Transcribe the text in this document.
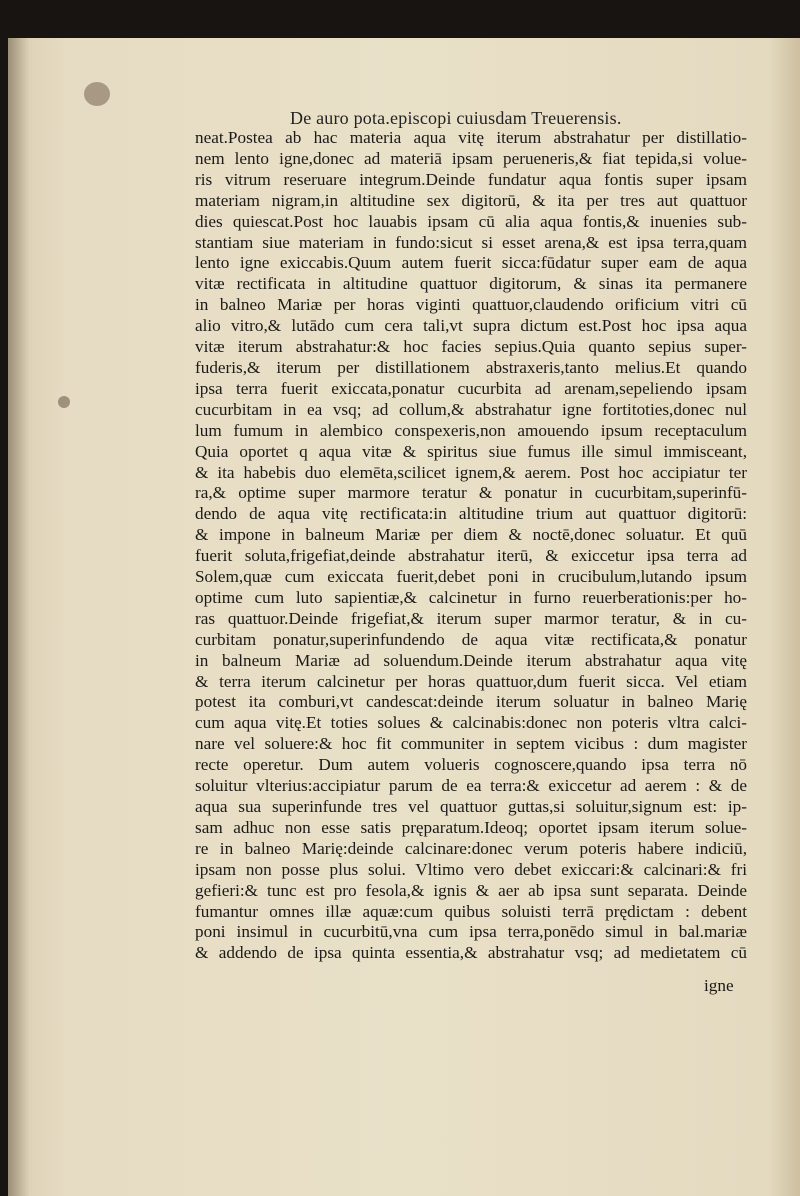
De auro pota.episcopi cuiusdam Treuerensis.
neat.Postea ab hac materia aqua vitę iterum abstrahatur per distillatio-
nem lento igne,donec ad materiā ipsam perueneris,& fiat tepida,si volue-
ris vitrum reseruare integrum.Deinde fundatur aqua fontis super ipsam
materiam nigram,in altitudine sex digitorū, & ita per tres aut quattuor
dies quiescat.Post hoc lauabis ipsam cū alia aqua fontis,& inuenies sub-
stantiam siue materiam in fundo:sicut si esset arena,& est ipsa terra,quam
lento igne exiccabis.Quum autem fuerit sicca:fūdatur super eam de aqua
vitæ rectificata in altitudine quattuor digitorum, & sinas ita permanere
in balneo Mariæ per horas viginti quattuor,claudendo orificium vitri cū
alio vitro,& lutādo cum cera tali,vt supra dictum est.Post hoc ipsa aqua
vitæ iterum abstrahatur:& hoc facies sepius.Quia quanto sepius super-
fuderis,& iterum per distillationem abstraxeris,tanto melius.Et quando
ipsa terra fuerit exiccata,ponatur cucurbita ad arenam,sepeliendo ipsam
cucurbitam in ea vsq; ad collum,& abstrahatur igne fortitoties,donec nul
lum fumum in alembico conspexeris,non amouendo ipsum receptaculum
Quia oportet q aqua vitæ & spiritus siue fumus ille simul immisceant,
& ita habebis duo elemēta,scilicet ignem,& aerem. Post hoc accipiatur ter
ra,& optime super marmore teratur & ponatur in cucurbitam,superinfū-
dendo de aqua vitę rectificata:in altitudine trium aut quattuor digitorū:
& impone in balneum Mariæ per diem & noctē,donec soluatur. Et quū
fuerit soluta,frigefiat,deinde abstrahatur iterū, & exiccetur ipsa terra ad
Solem,quæ cum exiccata fuerit,debet poni in crucibulum,lutando ipsum
optime cum luto sapientiæ,& calcinetur in furno reuerberationis:per ho-
ras quattuor.Deinde frigefiat,& iterum super marmor teratur, & in cu-
curbitam ponatur,superinfundendo de aqua vitæ rectificata,& ponatur
in balneum Mariæ ad soluendum.Deinde iterum abstrahatur aqua vitę
& terra iterum calcinetur per horas quattuor,dum fuerit sicca. Vel etiam
potest ita comburi,vt candescat:deinde iterum soluatur in balneo Marię
cum aqua vitę.Et toties solues & calcinabis:donec non poteris vltra calci-
nare vel soluere:& hoc fit communiter in septem vicibus : dum magister
recte operetur. Dum autem volueris cognoscere,quando ipsa terra nō
soluitur vlterius:accipiatur parum de ea terra:& exiccetur ad aerem : & de
aqua sua superinfunde tres vel quattuor guttas,si soluitur,signum est: ip-
sam adhuc non esse satis pręparatum.Ideoq; oportet ipsam iterum solue-
re in balneo Marię:deinde calcinare:donec verum poteris habere indiciū,
ipsam non posse plus solui. Vltimo vero debet exiccari:& calcinari:& fri
gefieri:& tunc est pro fesola,& ignis & aer ab ipsa sunt separata. Deinde
fumantur omnes illæ aquæ:cum quibus soluisti terrā prędictam : debent
poni insimul in cucurbitū,vna cum ipsa terra,ponēdo simul in bal.mariæ
& addendo de ipsa quinta essentia,& abstrahatur vsq; ad medietatem cū
igne
